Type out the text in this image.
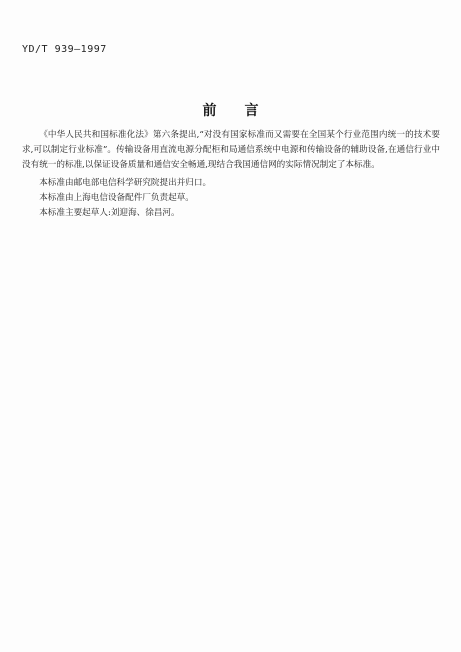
YD/T 939—1997
前言

《中华人民共和国标准化法》第六条提出,“对没有国家标准而又需要在全国某个行业范围内统一的技术要求,可以制定行业标准”。传输设备用直流电源分配柜和局通信系统中电源和传输设备的辅助设备,在通信行业中没有统一的标准,以保证设备质量和通信安全畅通,现结合我国通信网的实际情况制定了本标准。

本标准由邮电部电信科学研究院提出并归口。

本标准由上海电信设备配件厂负责起草。

本标准主要起草人:刘迎海、徐昌河。
